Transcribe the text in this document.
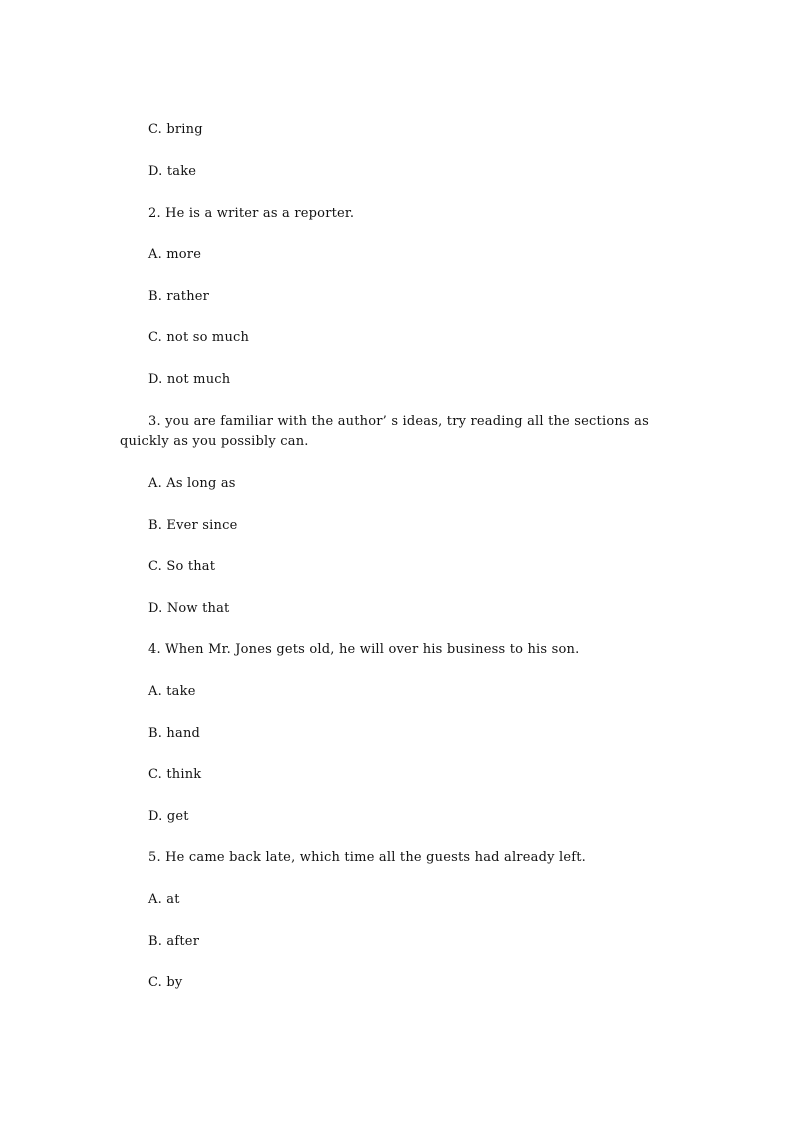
C. bring
D. take
2. He is a writer as a reporter.
A. more
B. rather
C. not so much
D. not much
3. you are familiar with the author’ s ideas, try reading all the sections as quickly as you possibly can.
A. As long as
B. Ever since
C. So that
D. Now that
4. When Mr. Jones gets old, he will over his business to his son.
A. take
B. hand
C. think
D. get
5. He came back late, which time all the guests had already left.
A. at
B. after
C. by
